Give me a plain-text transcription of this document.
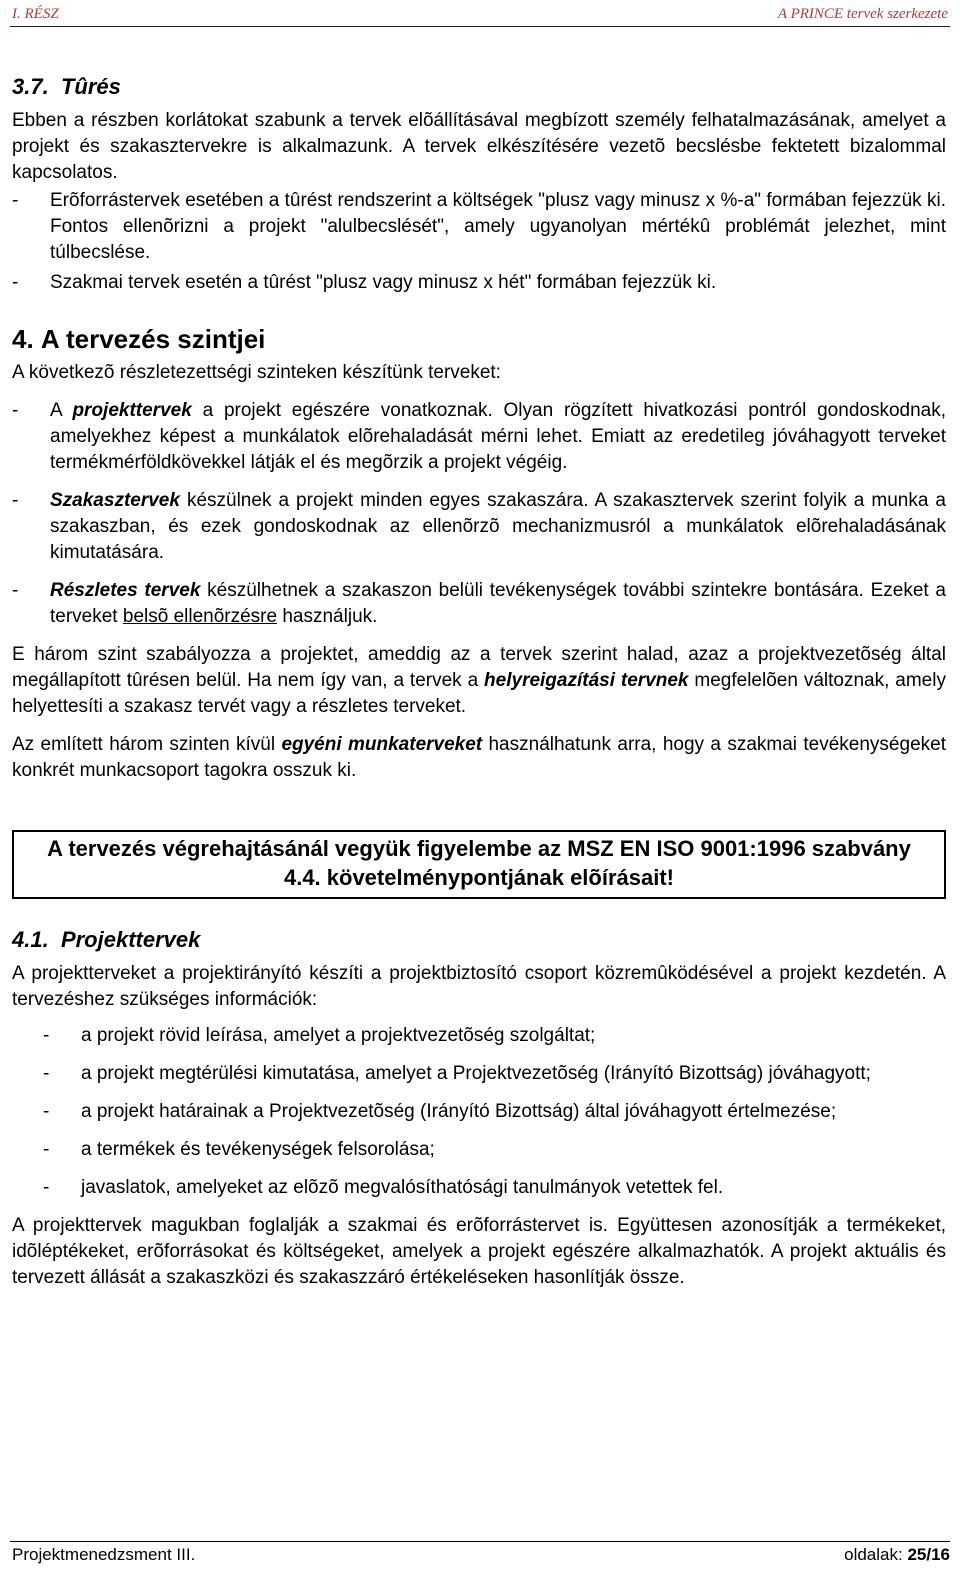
I. RÉSZ	A PRINCE tervek szerkezete
3.7. Tûrés

Ebben a részben korlátokat szabunk a tervek elõállításával megbízott személy felhatalmazásának, amelyet a projekt és szakasztervekre is alkalmazunk. A tervek elkészítésére vezetõ becslésbe fektetett bizalommal kapcsolatos.

- Erõforrástervek esetében a tûrést rendszerint a költségek "plusz vagy minusz x %-a" formában fejezzük ki. Fontos ellenõrizni a projekt "alulbecslését", amely ugyanolyan mértékû problémát jelezhet, mint túlbecslése.
- Szakmai tervek esetén a tûrést "plusz vagy minusz x hét" formában fejezzük ki.
4. A tervezés szintjei

A következõ részletezettségi szinteken készítünk terveket:

- A projekttervek a projekt egészére vonatkoznak. Olyan rögzített hivatkozási pontról gondoskodnak, amelyekhez képest a munkálatok elõrehaladását mérni lehet. Emiatt az eredetileg jóváhagyott terveket termékmérföldkövekkel látják el és megõrzik a projekt végéig.
- Szakasztervek készülnek a projekt minden egyes szakaszára. A szakasztervek szerint folyik a munka a szakaszban, és ezek gondoskodnak az ellenõrzõ mechanizmusról a munkálatok elõrehaladásának kimutatására.
- Részletes tervek készülhetnek a szakaszon belüli tevékenységek további szintekre bontására. Ezeket a terveket belsõ ellenõrzésre használjuk.

E három szint szabályozza a projektet, ameddig az a tervek szerint halad, azaz a projektvezetõség által megállapított tûrésen belül. Ha nem így van, a tervek a helyreigazítási tervnek megfelelõen változnak, amely helyettesíti a szakasz tervét vagy a részletes terveket.

Az említett három szinten kívül egyéni munkaterveket használhatunk arra, hogy a szakmai tevékenységeket konkrét munkacsoport tagokra osszuk ki.

A tervezés végrehajtásánál vegyük figyelembe az MSZ EN ISO 9001:1996 szabvány 4.4. követelménypontjának elõírásait!
4.1. Projekttervek

A projektterveket a projektirányító készíti a projektbiztosító csoport közremûködésével a projekt kezdetén. A tervezéshez szükséges információk:

- a projekt rövid leírása, amelyet a projektvezetõség szolgáltat;
- a projekt megtérülési kimutatása, amelyet a Projektvezetõség (Irányító Bizottság) jóváhagyott;
- a projekt határainak a Projektvezetõség (Irányító Bizottság) által jóváhagyott értelmezése;
- a termékek és tevékenységek felsorolása;
- javaslatok, amelyeket az elõzõ megvalósíthatósági tanulmányok vetettek fel.

A projekttervek magukban foglalják a szakmai és erõforrástervet is. Együttesen azonosítják a termékeket, idõléptékeket, erõforrásokat és költségeket, amelyek a projekt egészére alkalmazhatók. A projekt aktuális és tervezett állását a szakaszközi és szakaszzáró értékeléseken hasonlítják össze.

Projektmenedzsment III.	oldalak: 25/16
